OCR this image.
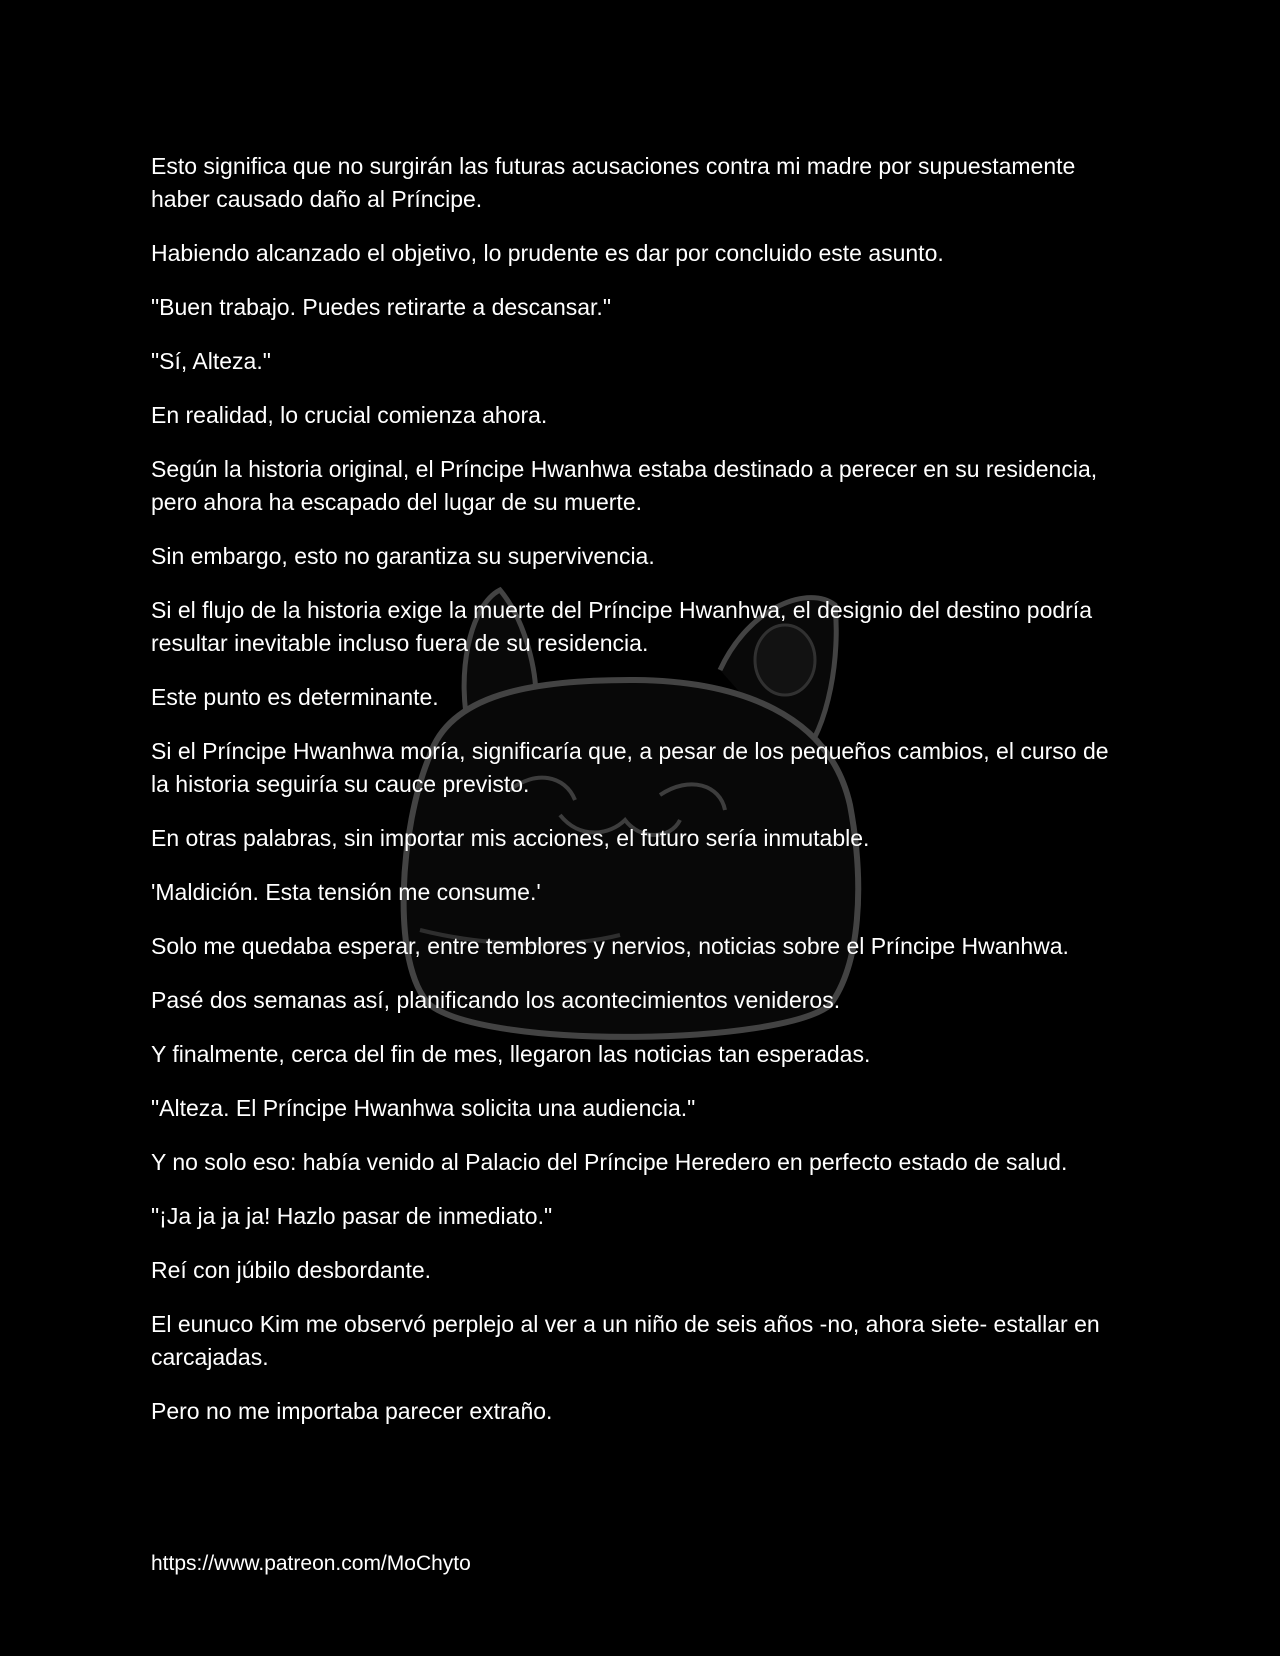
Esto significa que no surgirán las futuras acusaciones contra mi madre por supuestamente haber causado daño al Príncipe.

Habiendo alcanzado el objetivo, lo prudente es dar por concluido este asunto.

"Buen trabajo. Puedes retirarte a descansar."

"Sí, Alteza."

En realidad, lo crucial comienza ahora.

Según la historia original, el Príncipe Hwanhwa estaba destinado a perecer en su residencia, pero ahora ha escapado del lugar de su muerte.

Sin embargo, esto no garantiza su supervivencia.

Si el flujo de la historia exige la muerte del Príncipe Hwanhwa, el designio del destino podría resultar inevitable incluso fuera de su residencia.

Este punto es determinante.

Si el Príncipe Hwanhwa moría, significaría que, a pesar de los pequeños cambios, el curso de la historia seguiría su cauce previsto.

En otras palabras, sin importar mis acciones, el futuro sería inmutable.

'Maldición. Esta tensión me consume.'

Solo me quedaba esperar, entre temblores y nervios, noticias sobre el Príncipe Hwanhwa.

Pasé dos semanas así, planificando los acontecimientos venideros.

Y finalmente, cerca del fin de mes, llegaron las noticias tan esperadas.

"Alteza. El Príncipe Hwanhwa solicita una audiencia."

Y no solo eso: había venido al Palacio del Príncipe Heredero en perfecto estado de salud.

"¡Ja ja ja ja! Hazlo pasar de inmediato."

Reí con júbilo desbordante.

El eunuco Kim me observó perplejo al ver a un niño de seis años -no, ahora siete- estallar en carcajadas.

Pero no me importaba parecer extraño.

https://www.patreon.com/MoChyto
